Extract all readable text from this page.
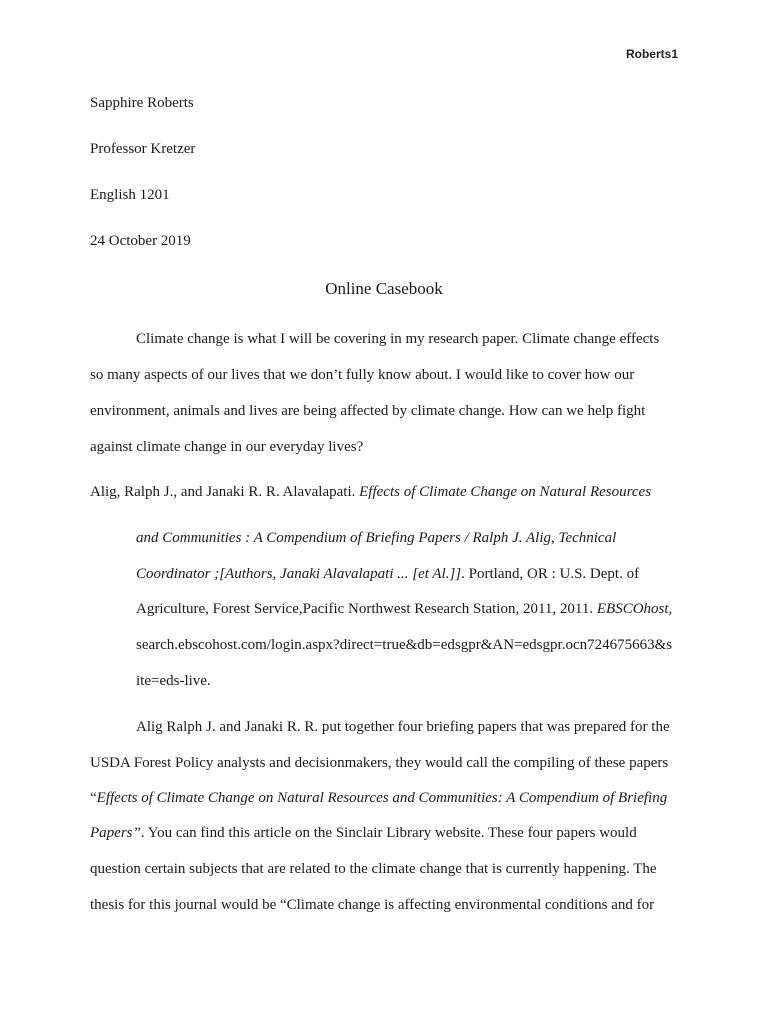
Roberts1
Sapphire Roberts
Professor Kretzer
English 1201
24 October 2019
Online Casebook
Climate change is what I will be covering in my research paper. Climate change effects
so many aspects of our lives that we don’t fully know about. I would like to cover how our
environment, animals and lives are being affected by climate change. How can we help fight
against climate change in our everyday lives?
Alig, Ralph J., and Janaki R. R. Alavalapati. Effects of Climate Change on Natural Resources
and Communities : A Compendium of Briefing Papers / Ralph J. Alig, Technical
Coordinator ;[Authors, Janaki Alavalapati ... [et Al.]]. Portland, OR : U.S. Dept. of
Agriculture, Forest Service,Pacific Northwest Research Station, 2011, 2011. EBSCOhost,
search.ebscohost.com/login.aspx?direct=true&db=edsgpr&AN=edsgpr.ocn724675663&s
ite=eds-live.
Alig Ralph J. and Janaki R. R. put together four briefing papers that was prepared for the
USDA Forest Policy analysts and decisionmakers, they would call the compiling of these papers
“Effects of Climate Change on Natural Resources and Communities: A Compendium of Briefing
Papers”. You can find this article on the Sinclair Library website. These four papers would
question certain subjects that are related to the climate change that is currently happening. The
thesis for this journal would be “Climate change is affecting environmental conditions and for
